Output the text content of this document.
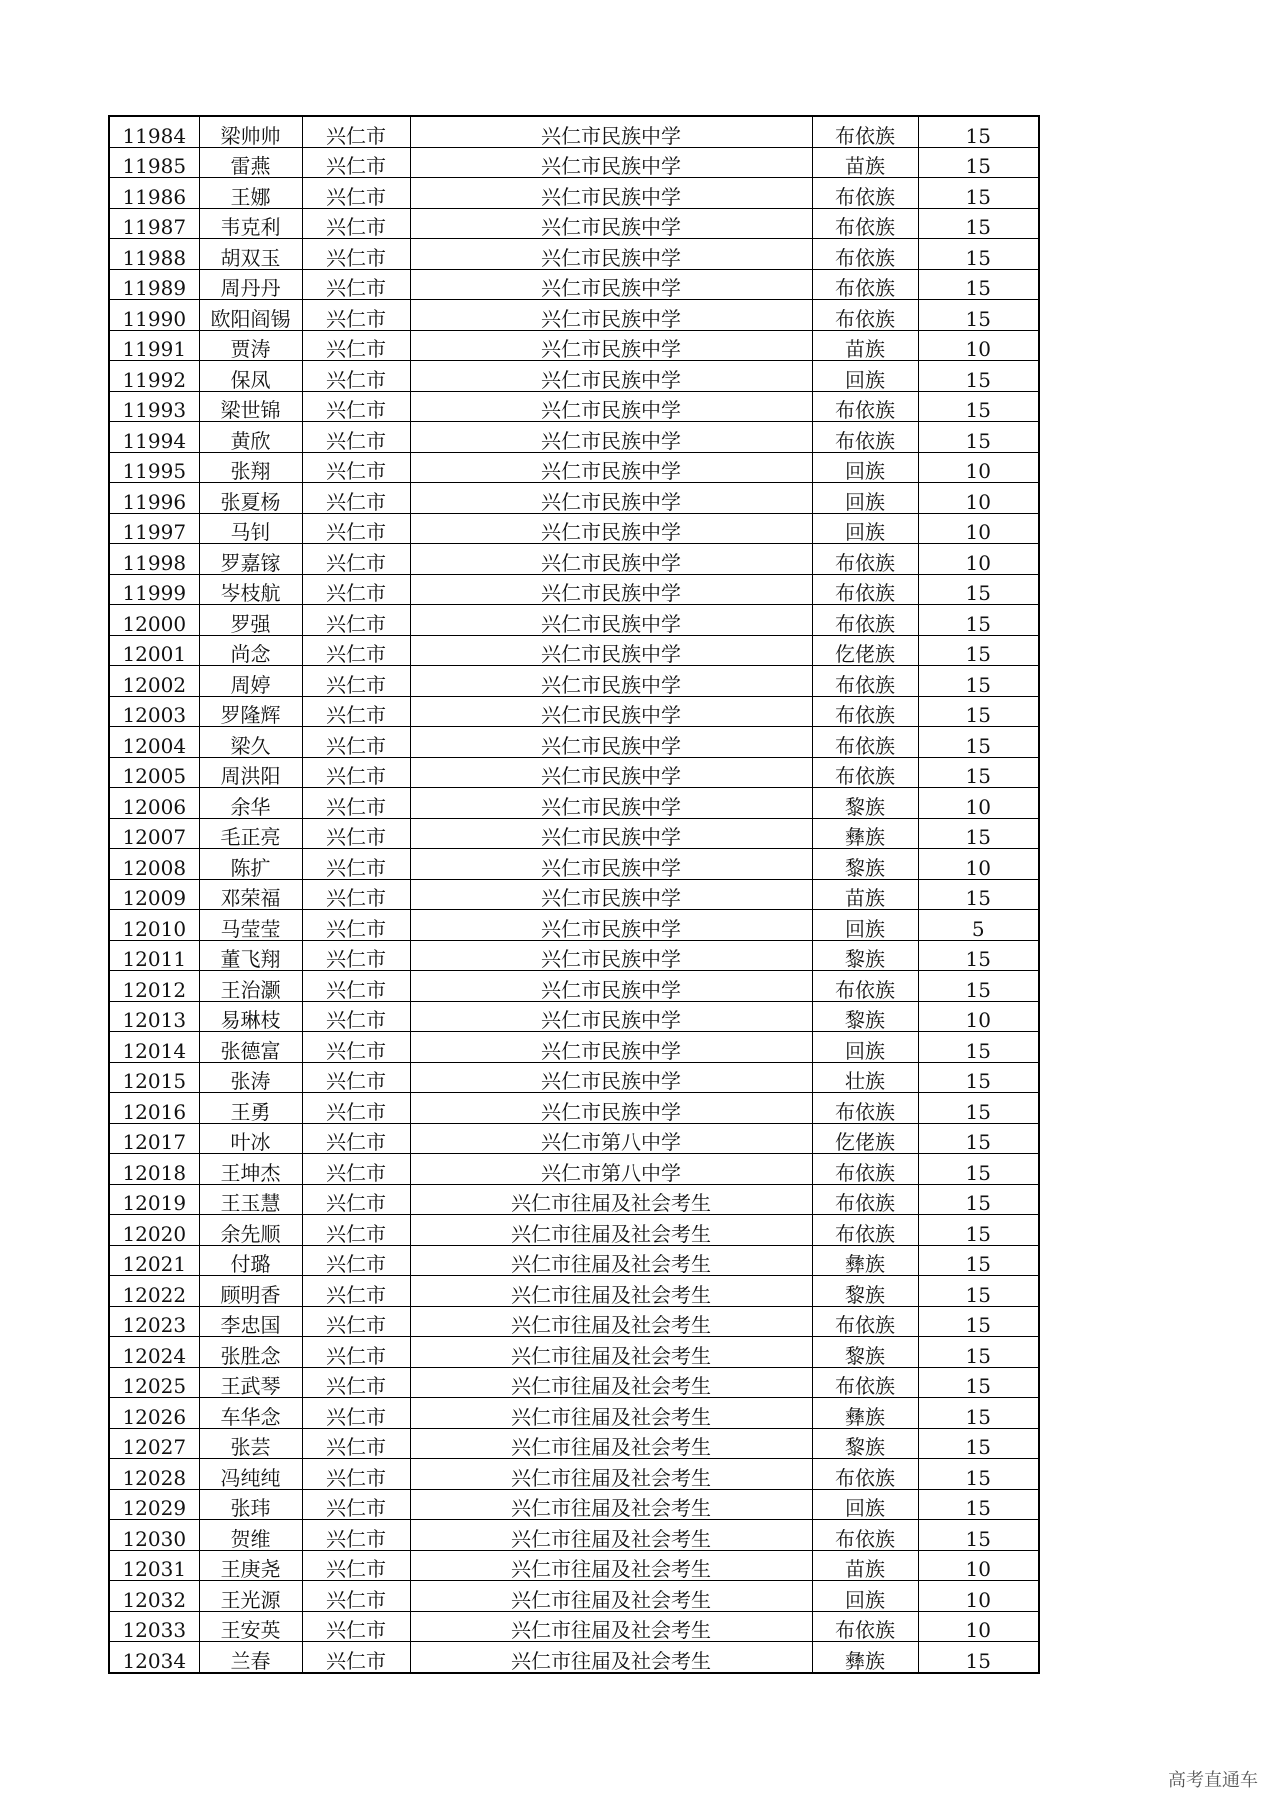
11984	梁帅帅	兴仁市	兴仁市民族中学	布依族	15
11985	雷燕	兴仁市	兴仁市民族中学	苗族	15
11986	王娜	兴仁市	兴仁市民族中学	布依族	15
11987	韦克利	兴仁市	兴仁市民族中学	布依族	15
11988	胡双玉	兴仁市	兴仁市民族中学	布依族	15
11989	周丹丹	兴仁市	兴仁市民族中学	布依族	15
11990	欧阳阎锡	兴仁市	兴仁市民族中学	布依族	15
11991	贾涛	兴仁市	兴仁市民族中学	苗族	10
11992	保凤	兴仁市	兴仁市民族中学	回族	15
11993	梁世锦	兴仁市	兴仁市民族中学	布依族	15
11994	黄欣	兴仁市	兴仁市民族中学	布依族	15
11995	张翔	兴仁市	兴仁市民族中学	回族	10
11996	张夏杨	兴仁市	兴仁市民族中学	回族	10
11997	马钊	兴仁市	兴仁市民族中学	回族	10
11998	罗嘉镓	兴仁市	兴仁市民族中学	布依族	10
11999	岑枝航	兴仁市	兴仁市民族中学	布依族	15
12000	罗强	兴仁市	兴仁市民族中学	布依族	15
12001	尚念	兴仁市	兴仁市民族中学	仡佬族	15
12002	周婷	兴仁市	兴仁市民族中学	布依族	15
12003	罗隆辉	兴仁市	兴仁市民族中学	布依族	15
12004	梁久	兴仁市	兴仁市民族中学	布依族	15
12005	周洪阳	兴仁市	兴仁市民族中学	布依族	15
12006	余华	兴仁市	兴仁市民族中学	黎族	10
12007	毛正亮	兴仁市	兴仁市民族中学	彝族	15
12008	陈扩	兴仁市	兴仁市民族中学	黎族	10
12009	邓荣福	兴仁市	兴仁市民族中学	苗族	15
12010	马莹莹	兴仁市	兴仁市民族中学	回族	5
12011	董飞翔	兴仁市	兴仁市民族中学	黎族	15
12012	王治灏	兴仁市	兴仁市民族中学	布依族	15
12013	易琳枝	兴仁市	兴仁市民族中学	黎族	10
12014	张德富	兴仁市	兴仁市民族中学	回族	15
12015	张涛	兴仁市	兴仁市民族中学	壮族	15
12016	王勇	兴仁市	兴仁市民族中学	布依族	15
12017	叶冰	兴仁市	兴仁市第八中学	仡佬族	15
12018	王坤杰	兴仁市	兴仁市第八中学	布依族	15
12019	王玉慧	兴仁市	兴仁市往届及社会考生	布依族	15
12020	余先顺	兴仁市	兴仁市往届及社会考生	布依族	15
12021	付璐	兴仁市	兴仁市往届及社会考生	彝族	15
12022	顾明香	兴仁市	兴仁市往届及社会考生	黎族	15
12023	李忠国	兴仁市	兴仁市往届及社会考生	布依族	15
12024	张胜念	兴仁市	兴仁市往届及社会考生	黎族	15
12025	王武琴	兴仁市	兴仁市往届及社会考生	布依族	15
12026	车华念	兴仁市	兴仁市往届及社会考生	彝族	15
12027	张芸	兴仁市	兴仁市往届及社会考生	黎族	15
12028	冯纯纯	兴仁市	兴仁市往届及社会考生	布依族	15
12029	张玮	兴仁市	兴仁市往届及社会考生	回族	15
12030	贺维	兴仁市	兴仁市往届及社会考生	布依族	15
12031	王庚尧	兴仁市	兴仁市往届及社会考生	苗族	10
12032	王光源	兴仁市	兴仁市往届及社会考生	回族	10
12033	王安英	兴仁市	兴仁市往届及社会考生	布依族	10
12034	兰春	兴仁市	兴仁市往届及社会考生	彝族	15
高考直通车
